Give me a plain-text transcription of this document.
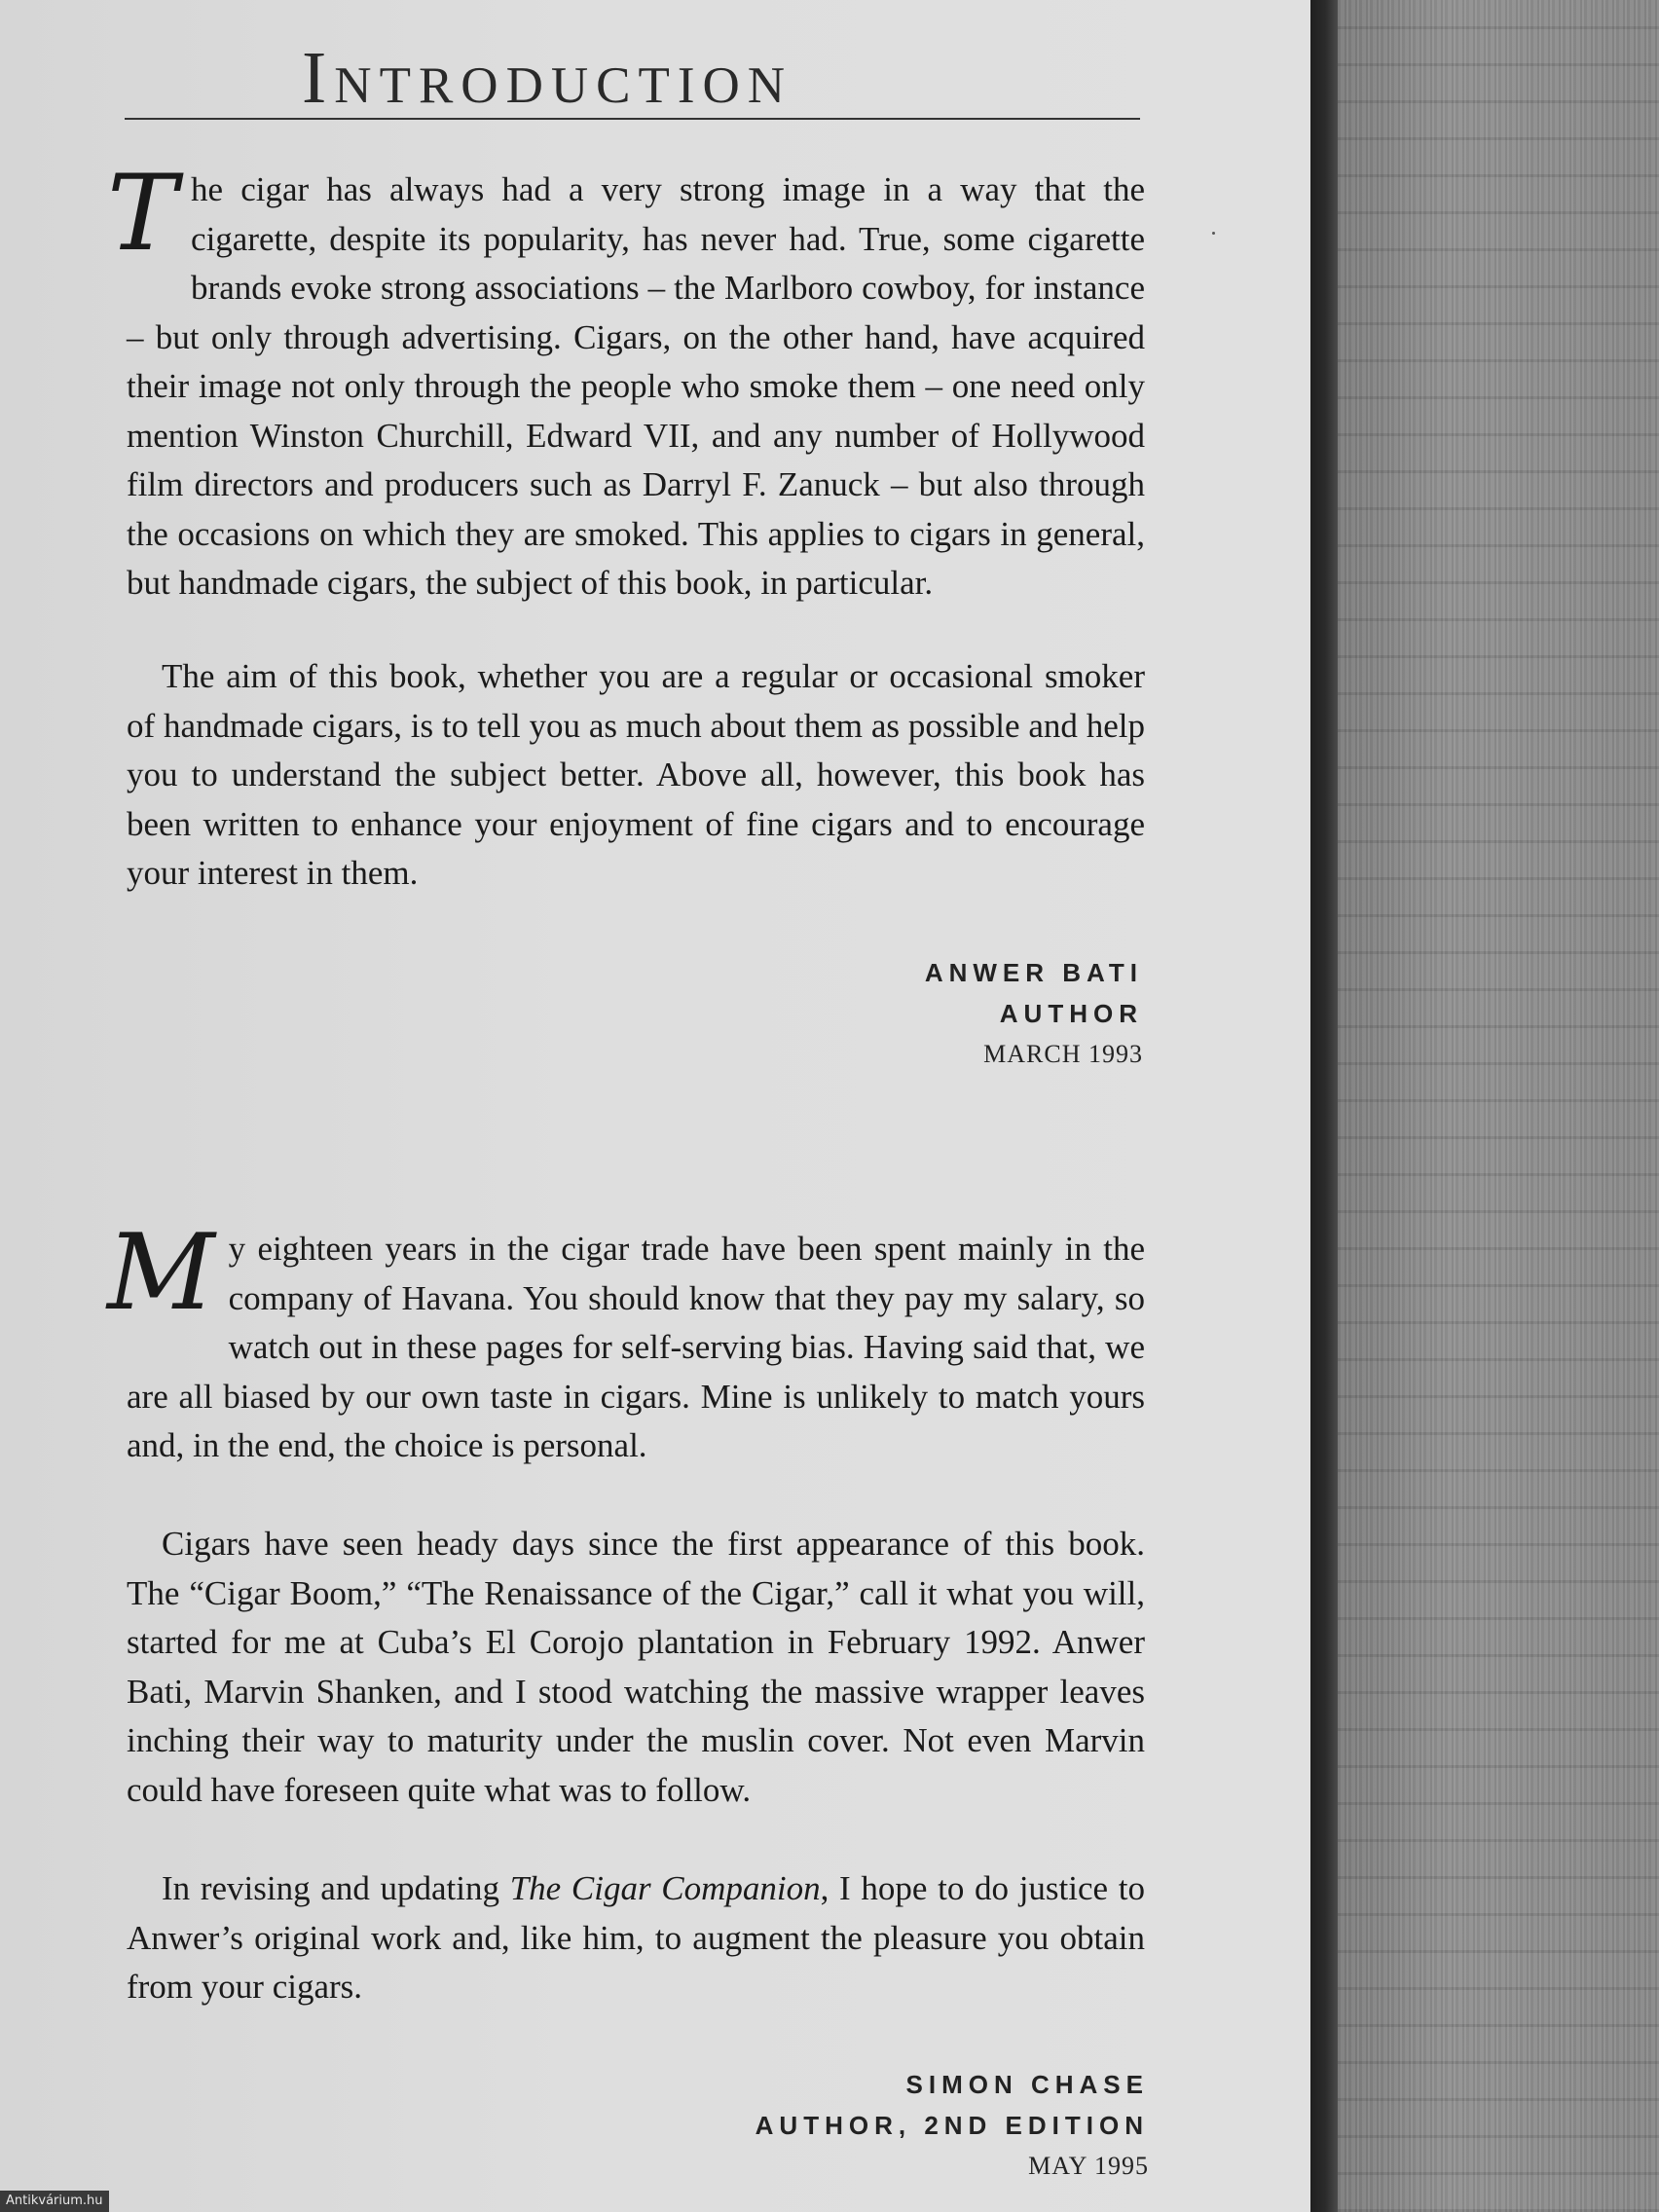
Introduction

The cigar has always had a very strong image in a way that the cigarette, despite its popularity, has never had. True, some cigarette brands evoke strong associations – the Marlboro cowboy, for instance – but only through advertising. Cigars, on the other hand, have acquired their image not only through the people who smoke them – one need only mention Winston Churchill, Edward VII, and any number of Hollywood film directors and producers such as Darryl F. Zanuck – but also through the occasions on which they are smoked. This applies to cigars in general, but handmade cigars, the subject of this book, in particular.

The aim of this book, whether you are a regular or occasional smoker of handmade cigars, is to tell you as much about them as possible and help you to understand the subject better. Above all, however, this book has been written to enhance your enjoyment of fine cigars and to encourage your interest in them.

ANWER BATI
AUTHOR
MARCH 1993

My eighteen years in the cigar trade have been spent mainly in the company of Havana. You should know that they pay my salary, so watch out in these pages for self-serving bias. Having said that, we are all biased by our own taste in cigars. Mine is unlikely to match yours and, in the end, the choice is personal.

Cigars have seen heady days since the first appearance of this book. The “Cigar Boom,” “The Renaissance of the Cigar,” call it what you will, started for me at Cuba’s El Corojo plantation in February 1992. Anwer Bati, Marvin Shanken, and I stood watching the massive wrapper leaves inching their way to maturity under the muslin cover. Not even Marvin could have foreseen quite what was to follow.

In revising and updating The Cigar Companion, I hope to do justice to Anwer’s original work and, like him, to augment the pleasure you obtain from your cigars.

SIMON CHASE
AUTHOR, 2ND EDITION
MAY 1995
Antikvárium.hu
